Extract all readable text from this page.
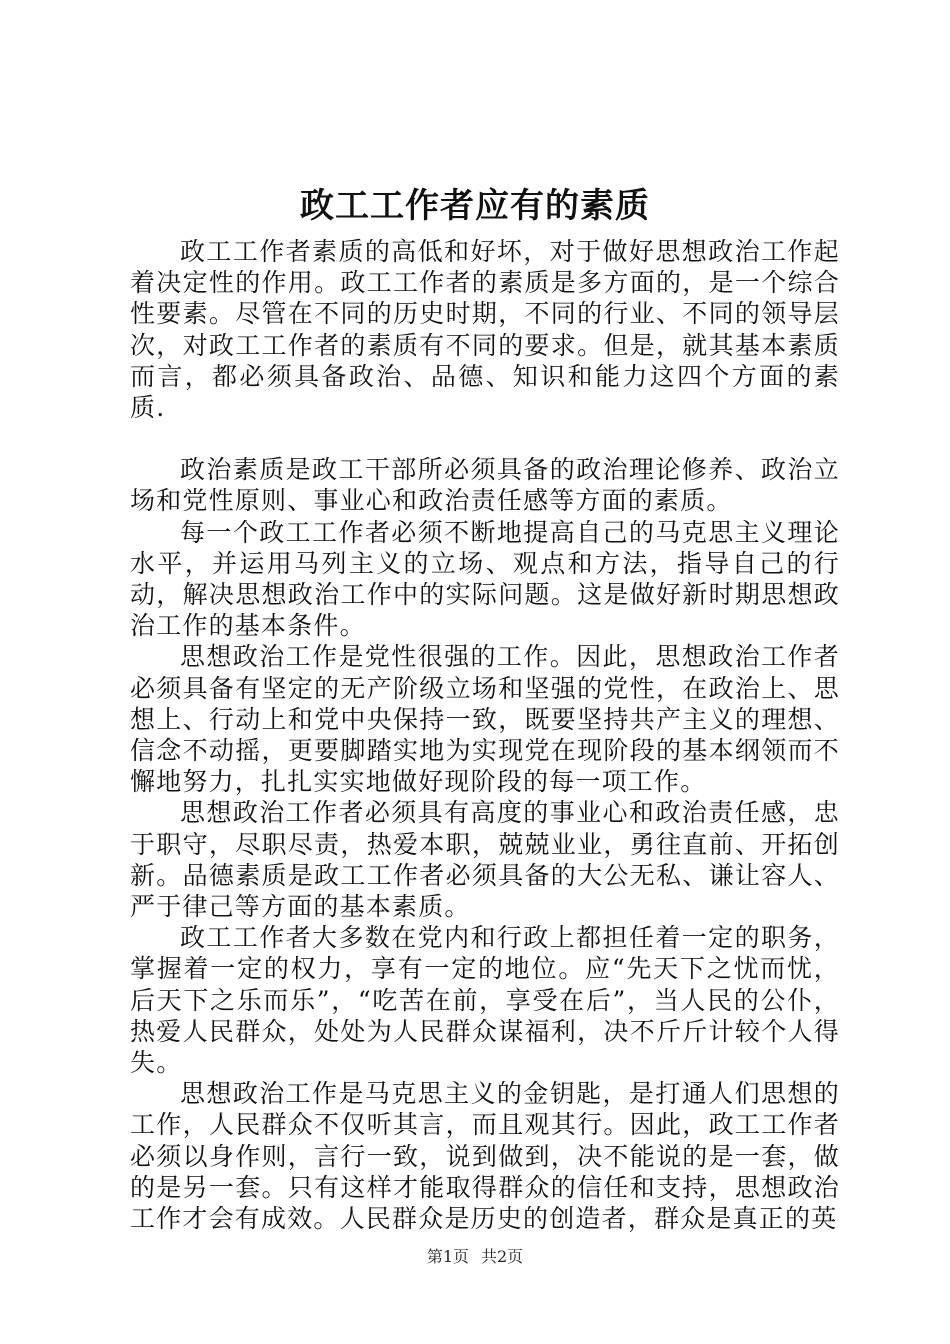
政工工作者应有的素质

政工工作者素质的高低和好坏，对于做好思想政治工作起着决定性的作用。政工工作者的素质是多方面的，是一个综合性要素。尽管在不同的历史时期，不同的行业、不同的领导层次，对政工工作者的素质有不同的要求。但是，就其基本素质而言，都必须具备政治、品德、知识和能力这四个方面的素质.

政治素质是政工干部所必须具备的政治理论修养、政治立场和党性原则、事业心和政治责任感等方面的素质。

每一个政工工作者必须不断地提高自己的马克思主义理论水平，并运用马列主义的立场、观点和方法，指导自己的行动，解决思想政治工作中的实际问题。这是做好新时期思想政治工作的基本条件。

思想政治工作是党性很强的工作。因此，思想政治工作者必须具备有坚定的无产阶级立场和坚强的党性，在政治上、思想上、行动上和党中央保持一致，既要坚持共产主义的理想、信念不动摇，更要脚踏实地为实现党在现阶段的基本纲领而不懈地努力，扎扎实实地做好现阶段的每一项工作。

思想政治工作者必须具有高度的事业心和政治责任感，忠于职守，尽职尽责，热爱本职，兢兢业业，勇往直前、开拓创新。品德素质是政工工作者必须具备的大公无私、谦让容人、严于律己等方面的基本素质。

政工工作者大多数在党内和行政上都担任着一定的职务，掌握着一定的权力，享有一定的地位。应“先天下之忧而忧，后天下之乐而乐”，“吃苦在前，享受在后”，当人民的公仆，热爱人民群众，处处为人民群众谋福利，决不斤斤计较个人得失。

思想政治工作是马克思主义的金钥匙，是打通人们思想的工作，人民群众不仅听其言，而且观其行。因此，政工工作者必须以身作则，言行一致，说到做到，决不能说的是一套，做的是另一套。只有这样才能取得群众的信任和支持，思想政治工作才会有成效。人民群众是历史的创造者，群众是真正的英

第1页 共2页
